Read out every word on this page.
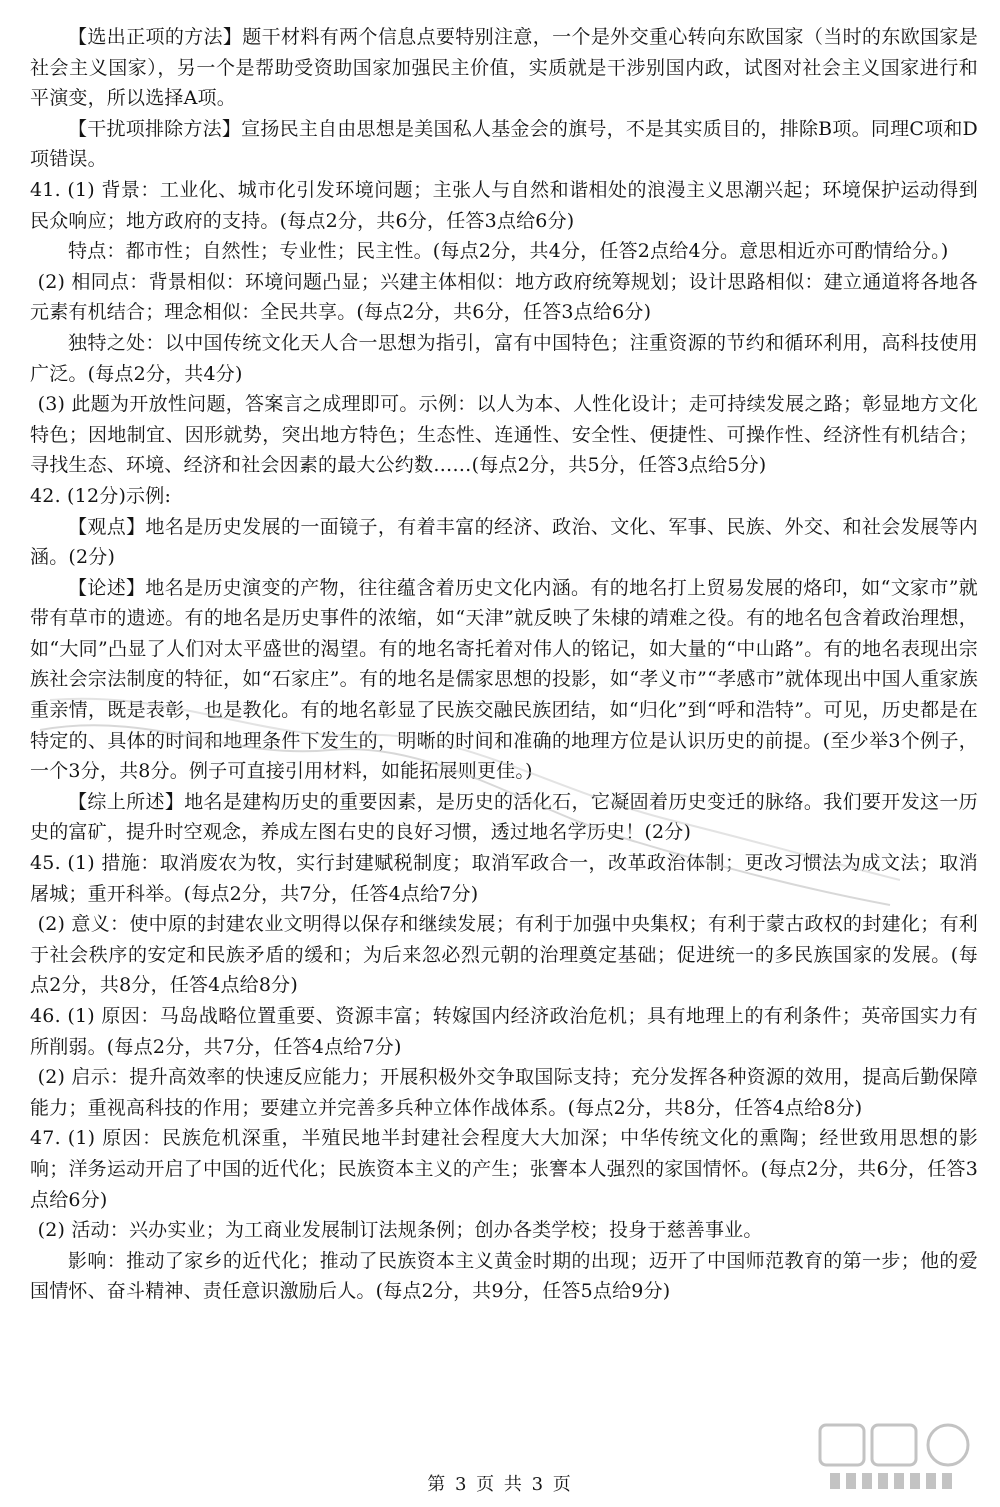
【选出正项的方法】题干材料有两个信息点要特别注意，一个是外交重心转向东欧国家（当时的东欧国家是社会主义国家），另一个是帮助受资助国家加强民主价值，实质就是干涉别国内政，试图对社会主义国家进行和平演变，所以选择A项。

【干扰项排除方法】宣扬民主自由思想是美国私人基金会的旗号，不是其实质目的，排除B项。同理C项和D项错误。

41. (1) 背景：工业化、城市化引发环境问题；主张人与自然和谐相处的浪漫主义思潮兴起；环境保护运动得到民众响应；地方政府的支持。(每点2分，共6分，任答3点给6分)

特点：都市性；自然性；专业性；民主性。(每点2分，共4分，任答2点给4分。意思相近亦可酌情给分。)

(2) 相同点：背景相似：环境问题凸显；兴建主体相似：地方政府统筹规划；设计思路相似：建立通道将各地各元素有机结合；理念相似：全民共享。(每点2分，共6分，任答3点给6分)

独特之处：以中国传统文化天人合一思想为指引，富有中国特色；注重资源的节约和循环利用，高科技使用广泛。(每点2分，共4分)

(3) 此题为开放性问题，答案言之成理即可。示例：以人为本、人性化设计；走可持续发展之路；彰显地方文化特色；因地制宜、因形就势，突出地方特色；生态性、连通性、安全性、便捷性、可操作性、经济性有机结合；寻找生态、环境、经济和社会因素的最大公约数……(每点2分，共5分，任答3点给5分)

42. (12分)示例:

【观点】地名是历史发展的一面镜子，有着丰富的经济、政治、文化、军事、民族、外交、和社会发展等内涵。(2分)

【论述】地名是历史演变的产物，往往蕴含着历史文化内涵。有的地名打上贸易发展的烙印，如“文家市”就带有草市的遗迹。有的地名是历史事件的浓缩，如“天津”就反映了朱棣的靖难之役。有的地名包含着政治理想，如“大同”凸显了人们对太平盛世的渴望。有的地名寄托着对伟人的铭记，如大量的“中山路”。有的地名表现出宗族社会宗法制度的特征，如“石家庄”。有的地名是儒家思想的投影，如“孝义市”“孝感市”就体现出中国人重家族重亲情，既是表彰，也是教化。有的地名彰显了民族交融民族团结，如“归化”到“呼和浩特”。可见，历史都是在特定的、具体的时间和地理条件下发生的，明晰的时间和准确的地理方位是认识历史的前提。(至少举3个例子，一个3分，共8分。例子可直接引用材料，如能拓展则更佳。)

【综上所述】地名是建构历史的重要因素，是历史的活化石，它凝固着历史变迁的脉络。我们要开发这一历史的富矿，提升时空观念，养成左图右史的良好习惯，透过地名学历史！(2分)

45. (1) 措施：取消废农为牧，实行封建赋税制度；取消军政合一，改革政治体制；更改习惯法为成文法；取消屠城；重开科举。(每点2分，共7分，任答4点给7分)

(2) 意义：使中原的封建农业文明得以保存和继续发展；有利于加强中央集权；有利于蒙古政权的封建化；有利于社会秩序的安定和民族矛盾的缓和；为后来忽必烈元朝的治理奠定基础；促进统一的多民族国家的发展。(每点2分，共8分，任答4点给8分)

46. (1) 原因：马岛战略位置重要、资源丰富；转嫁国内经济政治危机；具有地理上的有利条件；英帝国实力有所削弱。(每点2分，共7分，任答4点给7分)

(2) 启示：提升高效率的快速反应能力；开展积极外交争取国际支持；充分发挥各种资源的效用，提高后勤保障能力；重视高科技的作用；要建立并完善多兵种立体作战体系。(每点2分，共8分，任答4点给8分)

47. (1) 原因：民族危机深重，半殖民地半封建社会程度大大加深；中华传统文化的熏陶；经世致用思想的影响；洋务运动开启了中国的近代化；民族资本主义的产生；张謇本人强烈的家国情怀。(每点2分，共6分，任答3点给6分)

(2) 活动：兴办实业；为工商业发展制订法规条例；创办各类学校；投身于慈善事业。

影响：推动了家乡的近代化；推动了民族资本主义黄金时期的出现；迈开了中国师范教育的第一步；他的爱国情怀、奋斗精神、责任意识激励后人。(每点2分，共9分，任答5点给9分)

第 3 页 共 3 页
